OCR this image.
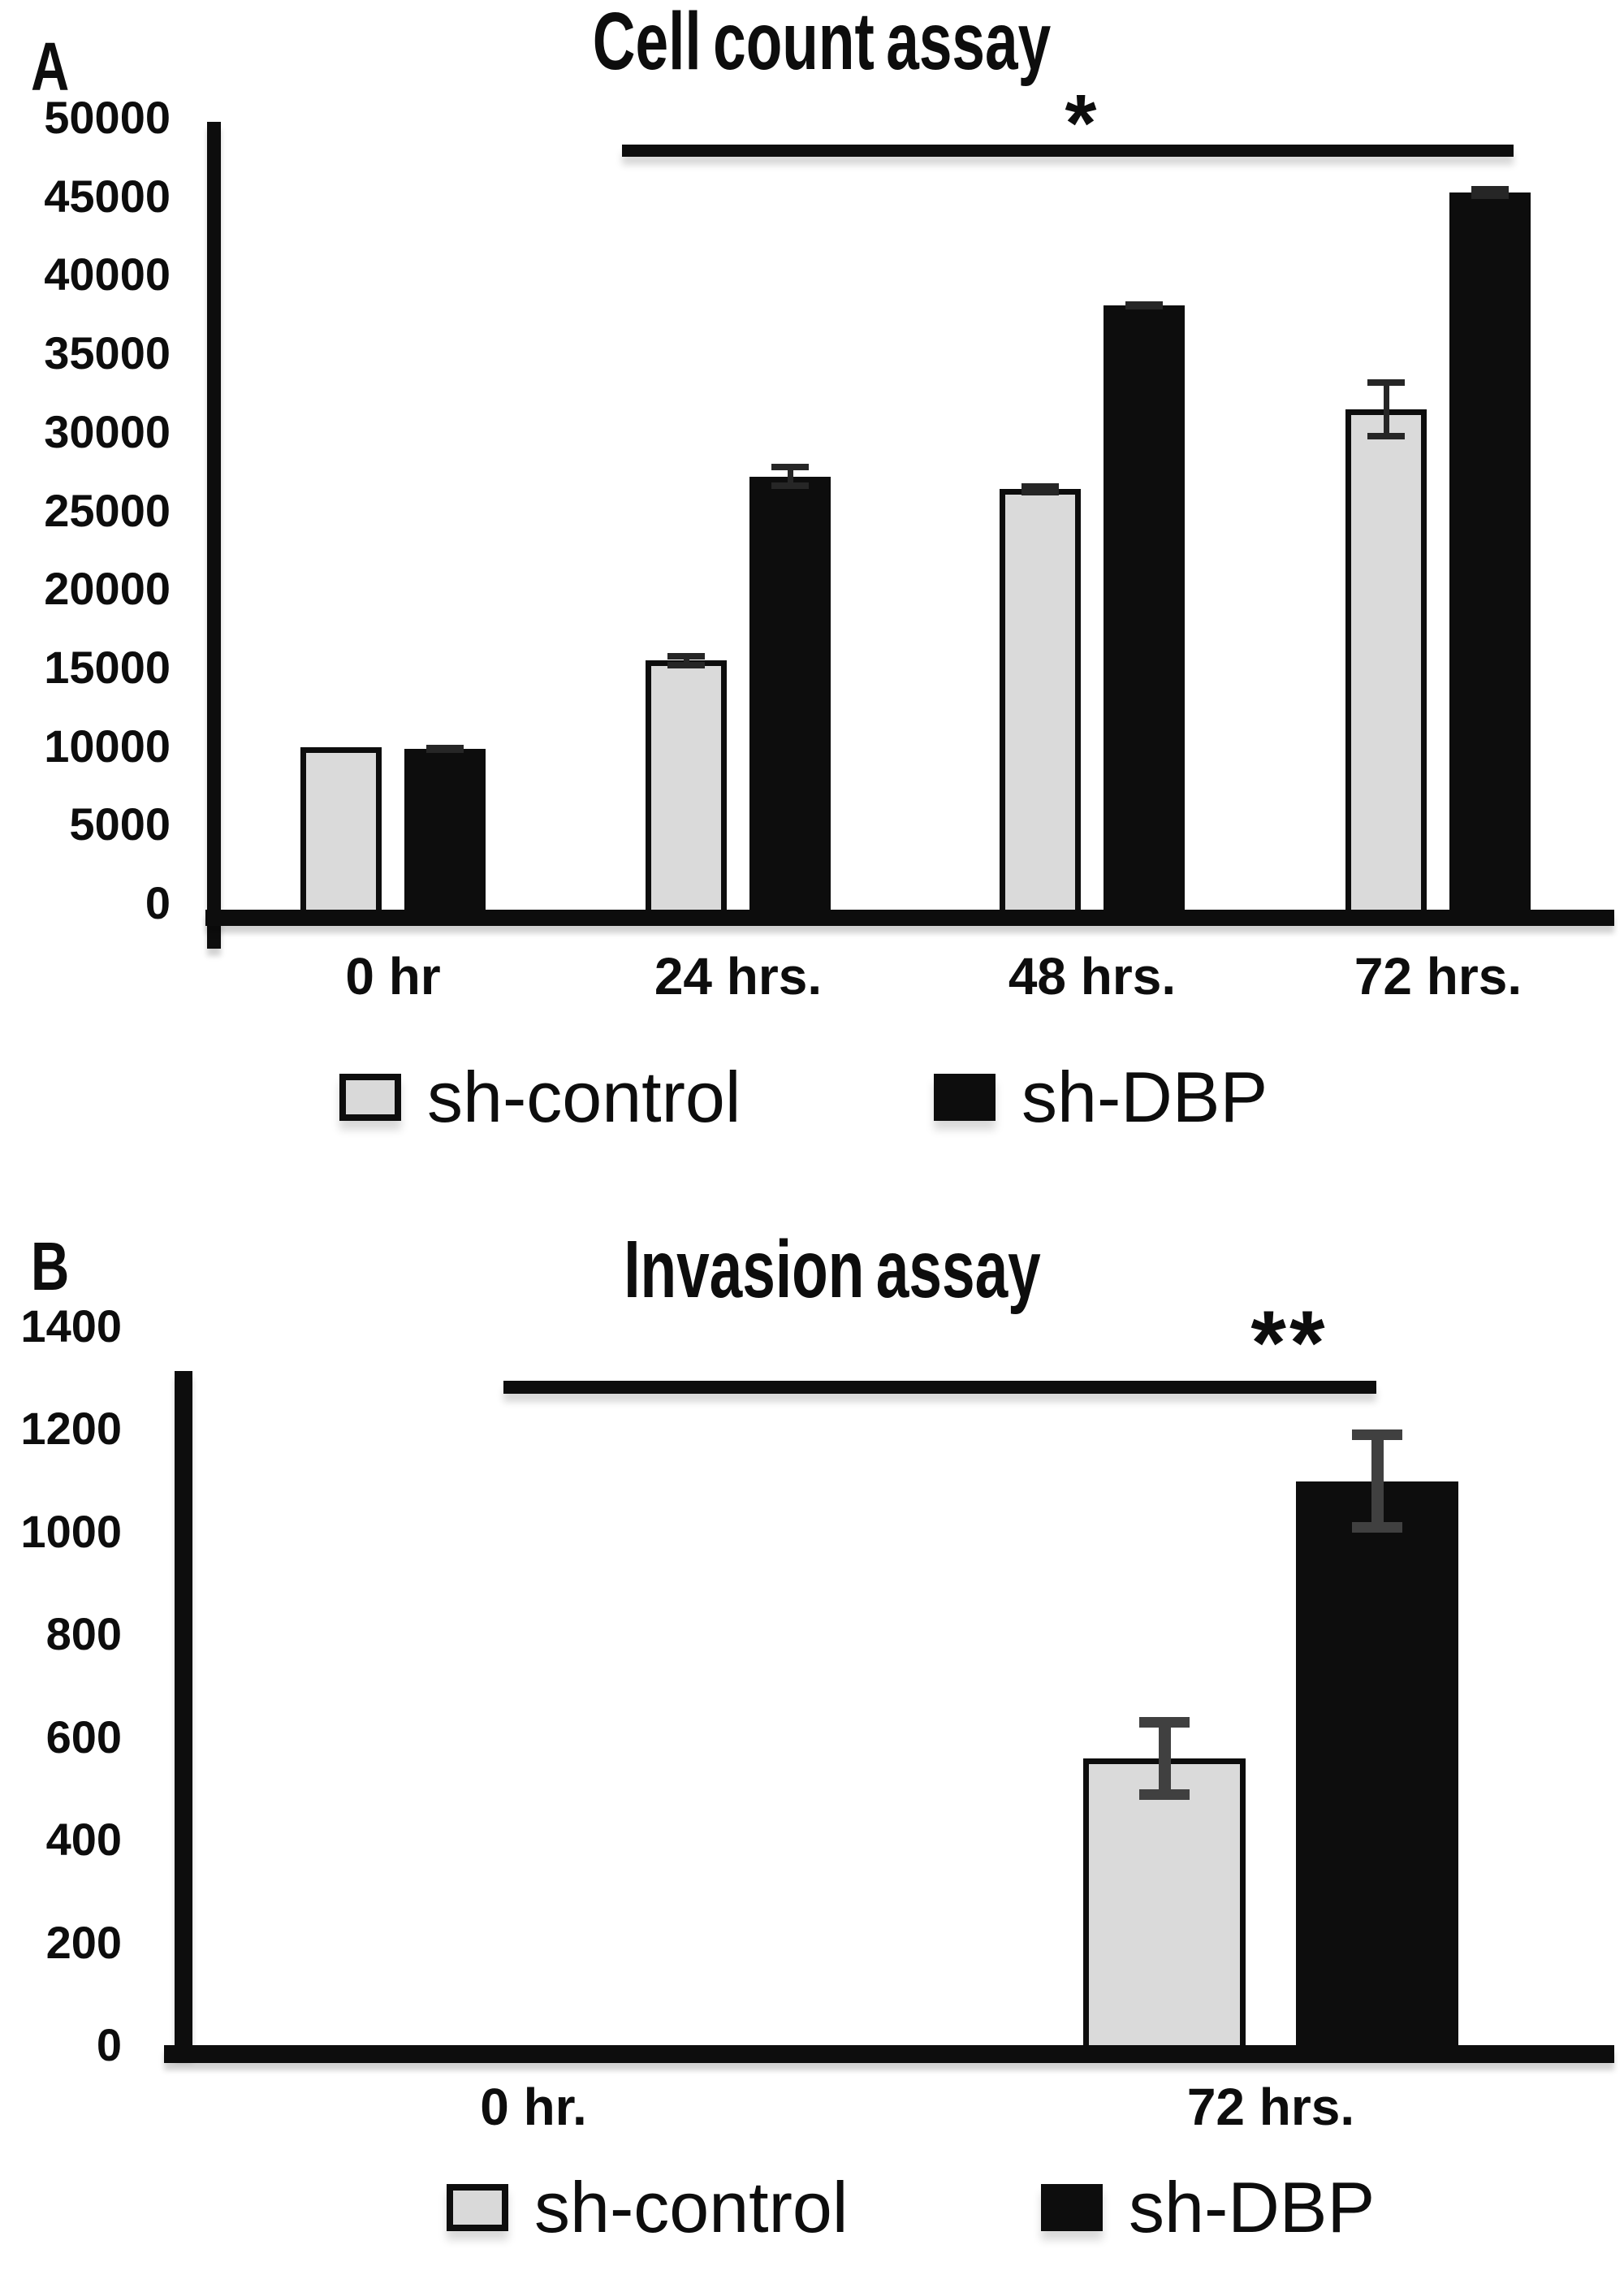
A	Cell count assay
*
50000
45000
40000
35000
30000
25000
20000
15000
10000
5000
0
0 hr	24 hrs.	48 hrs.	72 hrs.
sh-control	sh-DBP
B	Invasion assay
**
1400
1200
1000
800
600
400
200
0
0 hr.	72 hrs.
sh-control	sh-DBP
